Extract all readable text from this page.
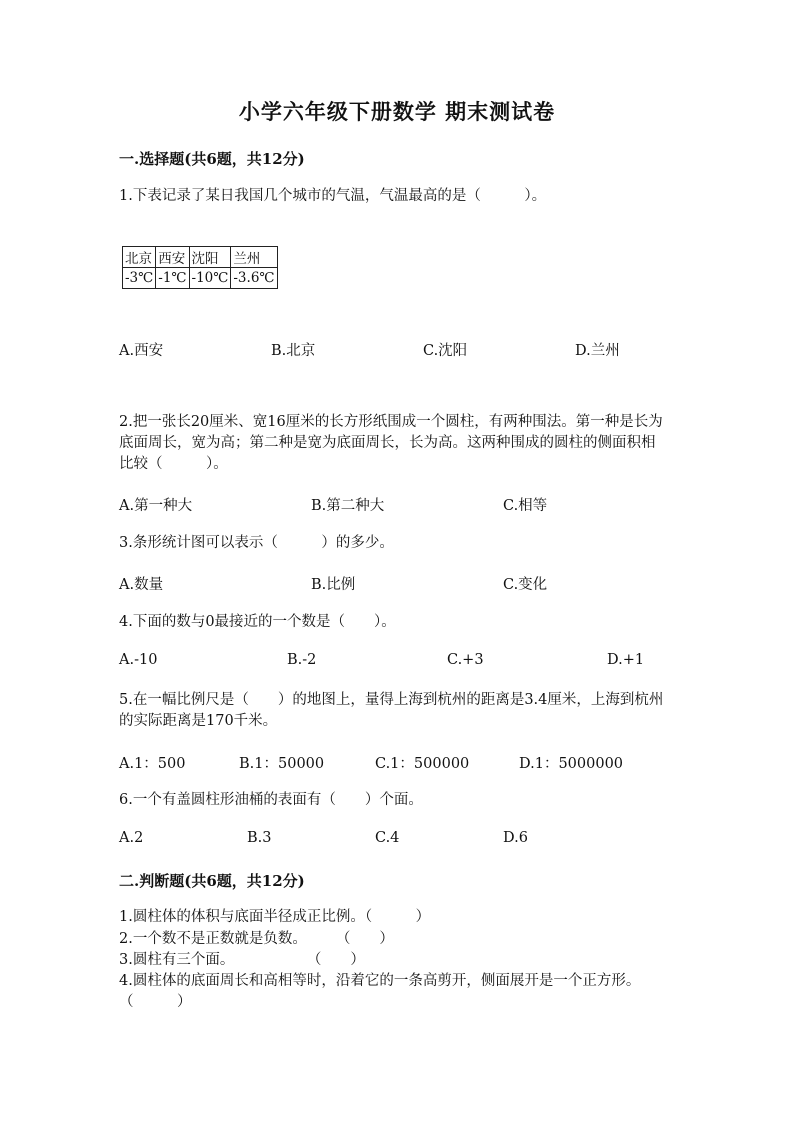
小学六年级下册数学 期末测试卷
一.选择题(共6题，共12分)
1.下表记录了某日我国几个城市的气温，气温最高的是（　　　）。
北京	西安	沈阳	兰州
-3℃	-1℃	-10℃	-3.6℃
A.西安	B.北京	C.沈阳	D.兰州
2.把一张长20厘米、宽16厘米的长方形纸围成一个圆柱，有两种围法。第一种是长为底面周长，宽为高；第二种是宽为底面周长，长为高。这两种围成的圆柱的侧面积相比较（　　　）。
A.第一种大	B.第二种大	C.相等
3.条形统计图可以表示（　　　）的多少。
A.数量	B.比例	C.变化
4.下面的数与0最接近的一个数是（　　）。
A.-10	B.-2	C.+3	D.+1
5.在一幅比例尺是（　　）的地图上，量得上海到杭州的距离是3.4厘米，上海到杭州的实际距离是170千米。
A.1：500	B.1：50000	C.1：500000	D.1：5000000
6.一个有盖圆柱形油桶的表面有（　　）个面。
A.2	B.3	C.4	D.6
二.判断题(共6题，共12分)
1.圆柱体的体积与底面半径成正比例。（　　　）
2.一个数不是正数就是负数。　　　（　　）
3.圆柱有三个面。　　　　　　（　　）
4.圆柱体的底面周长和高相等时，沿着它的一条高剪开，侧面展开是一个正方形。（　　　）
